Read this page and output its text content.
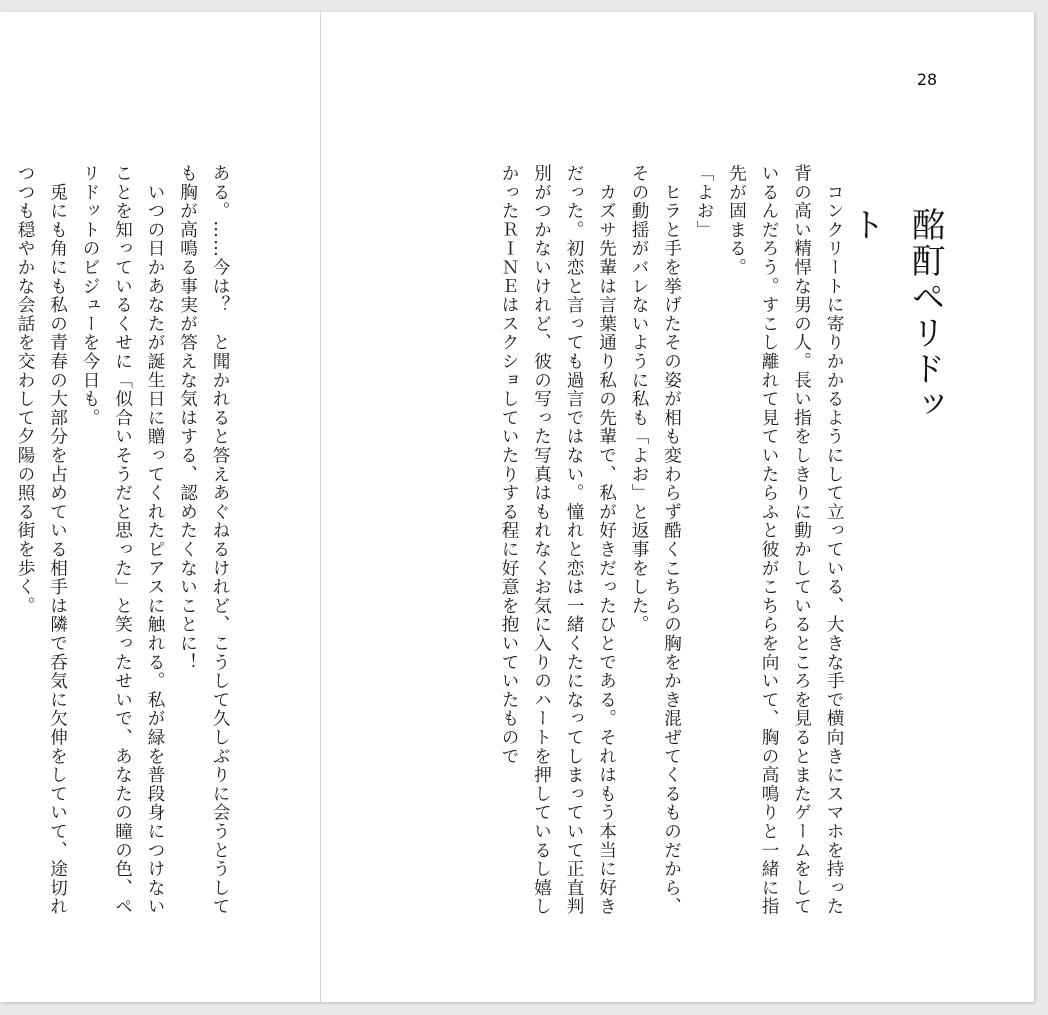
28
酩酊ペリドット

　コンクリートに寄りかかるようにして立っている、大きな手で横向きにスマホを持った背の高い精悍な男の人。長い指をしきりに動かしているところを見るとまたゲームをしているんだろう。すこし離れて見ていたらふと彼がこちらを向いて、胸の高鳴りと一緒に指先が固まる。

「よお」

　ヒラと手を挙げたその姿が相も変わらず酷くこちらの胸をかき混ぜてくるものだから、その動揺がバレないように私も「よお」と返事をした。

　カズサ先輩は言葉通り私の先輩で、私が好きだったひとである。それはもう本当に好きだった。初恋と言っても過言ではない。憧れと恋は一緒くたになってしまっていて正直判別がつかないけれど、彼の写った写真はもれなくお気に入りのハートを押しているし嬉しかったＲＩＮＥはスクショしていたりする程に好意を抱いていたもので

ある。……今は？　と聞かれると答えあぐねるけれど、こうして久しぶりに会うとうしても胸が高鳴る事実が答えな気はする、認めたくないことに！

　いつの日かあなたが誕生日に贈ってくれたピアスに触れる。私が緑を普段身につけないことを知っているくせに「似合いそうだと思った」と笑ったせいで、あなたの瞳の色、ペリドットのビジューを今日も。

　兎にも角にも私の青春の大部分を占めている相手は隣で呑気に欠伸をしていて、途切れつつも穏やかな会話を交わして夕陽の照る街を歩く。
